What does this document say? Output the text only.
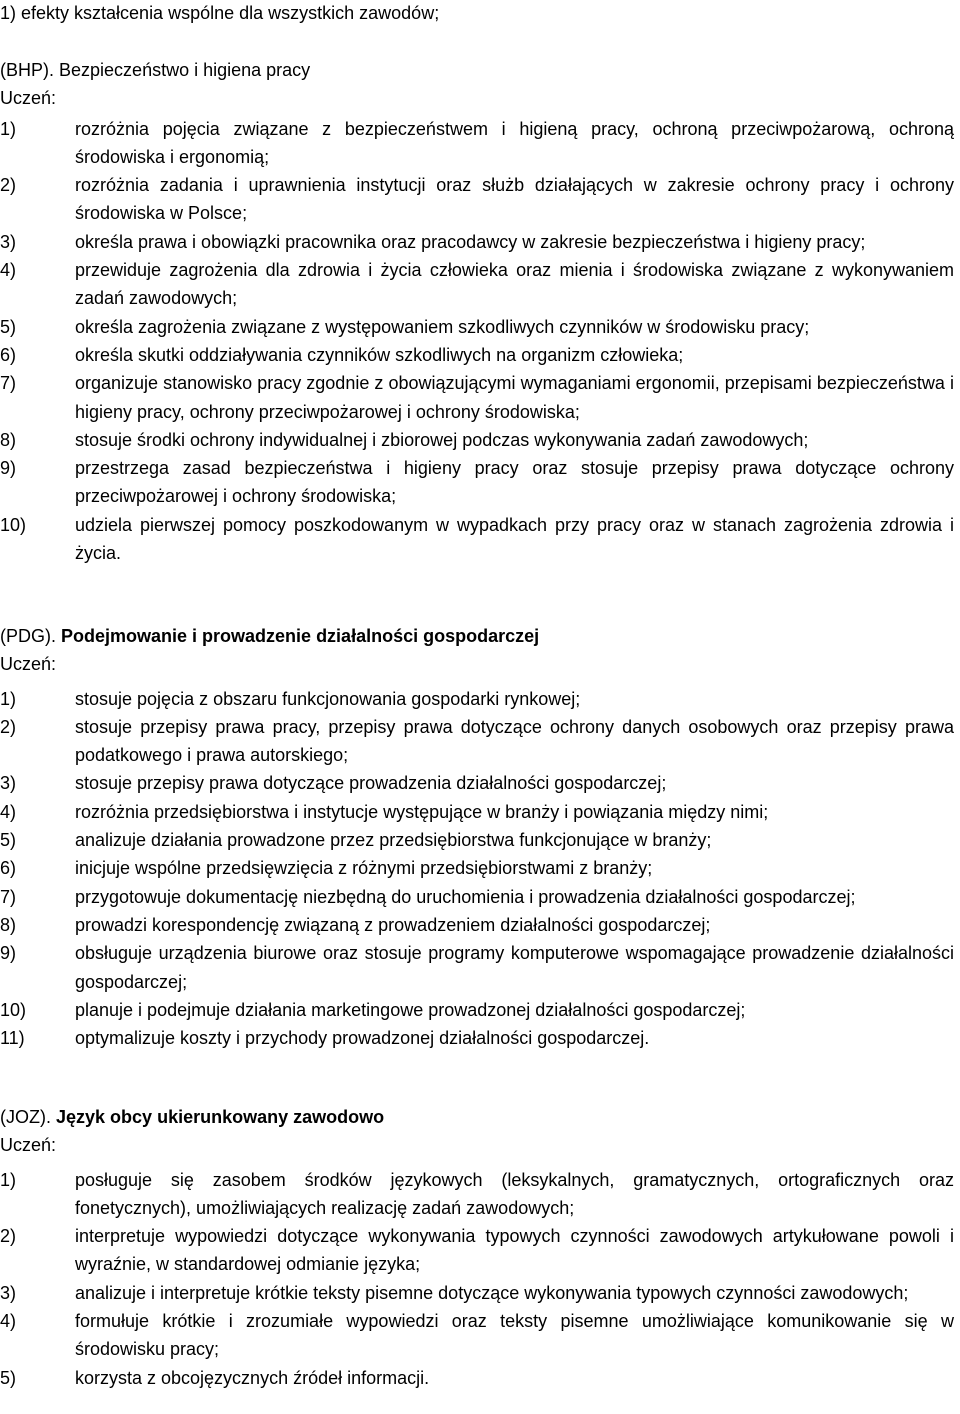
1) efekty kształcenia wspólne dla wszystkich zawodów;
(BHP). Bezpieczeństwo i higiena pracy
Uczeń:
1)	rozróżnia pojęcia związane z bezpieczeństwem i higieną pracy, ochroną przeciwpożarową, ochroną środowiska i ergonomią;
2)	rozróżnia zadania i uprawnienia instytucji oraz służb działających w zakresie ochrony pracy i ochrony środowiska w Polsce;
3)	określa prawa i obowiązki pracownika oraz pracodawcy w zakresie bezpieczeństwa i higieny pracy;
4)	przewiduje zagrożenia dla zdrowia i życia człowieka oraz mienia i środowiska związane z wykonywaniem zadań zawodowych;
5)	określa zagrożenia związane z występowaniem szkodliwych czynników w środowisku pracy;
6)	określa skutki oddziaływania czynników szkodliwych na organizm człowieka;
7)	organizuje stanowisko pracy zgodnie z obowiązującymi wymaganiami ergonomii, przepisami bezpieczeństwa i higieny pracy, ochrony przeciwpożarowej i ochrony środowiska;
8)	stosuje środki ochrony indywidualnej i zbiorowej podczas wykonywania zadań zawodowych;
9)	przestrzega zasad bezpieczeństwa i higieny pracy oraz stosuje przepisy prawa dotyczące ochrony przeciwpożarowej i ochrony środowiska;
10)	udziela pierwszej pomocy poszkodowanym w wypadkach przy pracy oraz w stanach zagrożenia zdrowia i życia.
(PDG). Podejmowanie i prowadzenie działalności gospodarczej
Uczeń:
1)	stosuje pojęcia z obszaru funkcjonowania gospodarki rynkowej;
2)	stosuje przepisy prawa pracy, przepisy prawa dotyczące ochrony danych osobowych oraz przepisy prawa podatkowego i prawa autorskiego;
3)	stosuje przepisy prawa dotyczące prowadzenia działalności gospodarczej;
4)	rozróżnia przedsiębiorstwa i instytucje występujące w branży i powiązania między nimi;
5)	analizuje działania prowadzone przez przedsiębiorstwa funkcjonujące w branży;
6)	inicjuje wspólne przedsięwzięcia z różnymi przedsiębiorstwami z branży;
7)	przygotowuje dokumentację niezbędną do uruchomienia i prowadzenia działalności gospodarczej;
8)	prowadzi korespondencję związaną z prowadzeniem działalności gospodarczej;
9)	obsługuje urządzenia biurowe oraz stosuje programy komputerowe wspomagające prowadzenie działalności gospodarczej;
10)	planuje i podejmuje działania marketingowe prowadzonej działalności gospodarczej;
11)	optymalizuje koszty i przychody prowadzonej działalności gospodarczej.
(JOZ). Język obcy ukierunkowany zawodowo
Uczeń:
1)	posługuje się zasobem środków językowych (leksykalnych, gramatycznych, ortograficznych oraz fonetycznych), umożliwiających realizację zadań zawodowych;
2)	interpretuje wypowiedzi dotyczące wykonywania typowych czynności zawodowych artykułowane powoli i wyraźnie, w standardowej odmianie języka;
3)	analizuje i interpretuje krótkie teksty pisemne dotyczące wykonywania typowych czynności zawodowych;
4)	formułuje krótkie i zrozumiałe wypowiedzi oraz teksty pisemne umożliwiające komunikowanie się w środowisku pracy;
5)	korzysta z obcojęzycznych źródeł informacji.
